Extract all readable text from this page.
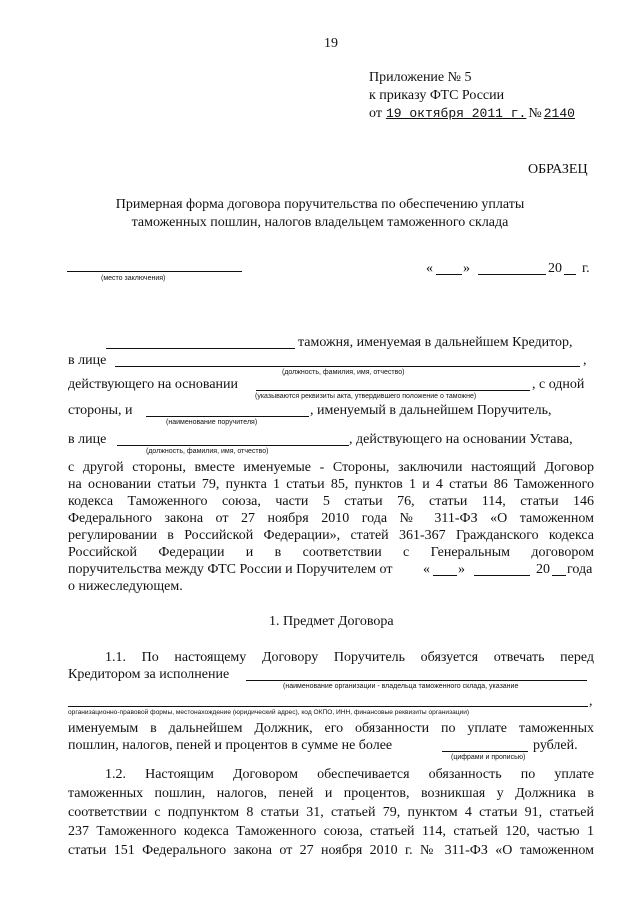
19
Приложение № 5
к приказу ФТС России
от 19 октября 2011 г. № 2140
ОБРАЗЕЦ
Примерная форма договора поручительства по обеспечению уплаты
таможенных пошлин, налогов владельцем таможенного склада
(место заключения)
« »	20 г.
таможня, именуемая в дальнейшем Кредитор,
в лице	,
(должность, фамилия, имя, отчество)
действующего на основании	, с одной
(указываются реквизиты акта, утвердившего положение о таможне)
стороны, и	, именуемый в дальнейшем Поручитель,
(наименование поручителя)
в лице	, действующего на основании Устава,
(должность, фамилия, имя, отчество)
с другой стороны, вместе именуемые - Стороны, заключили настоящий Договор
на основании статьи 79, пункта 1 статьи 85, пунктов 1 и 4 статьи 86 Таможенного
кодекса Таможенного союза, части 5 статьи 76, статьи 114, статьи 146
Федерального закона от 27 ноября 2010 года № 311-ФЗ «О таможенном
регулировании в Российской Федерации», статей 361-367 Гражданского кодекса
Российской Федерации и в соответствии с Генеральным договором
поручительства между ФТС России и Поручителем от « »	20 года
о нижеследующем.
1. Предмет Договора
1.1. По настоящему Договору Поручитель обязуется отвечать перед
Кредитором за исполнение
(наименование организации - владельца таможенного склада, указание
,
организационно-правовой формы, местонахождение (юридический адрес), код ОКПО, ИНН, финансовые реквизиты организации)
именуемым в дальнейшем Должник, его обязанности по уплате таможенных
пошлин, налогов, пеней и процентов в сумме не более	рублей.
(цифрами и прописью)
1.2. Настоящим Договором обеспечивается обязанность по уплате
таможенных пошлин, налогов, пеней и процентов, возникшая у Должника в
соответствии с подпунктом 8 статьи 31, статьей 79, пунктом 4 статьи 91, статьей
237 Таможенного кодекса Таможенного союза, статьей 114, статьей 120, частью 1
статьи 151 Федерального закона от 27 ноября 2010 г. № 311-ФЗ «О таможенном
